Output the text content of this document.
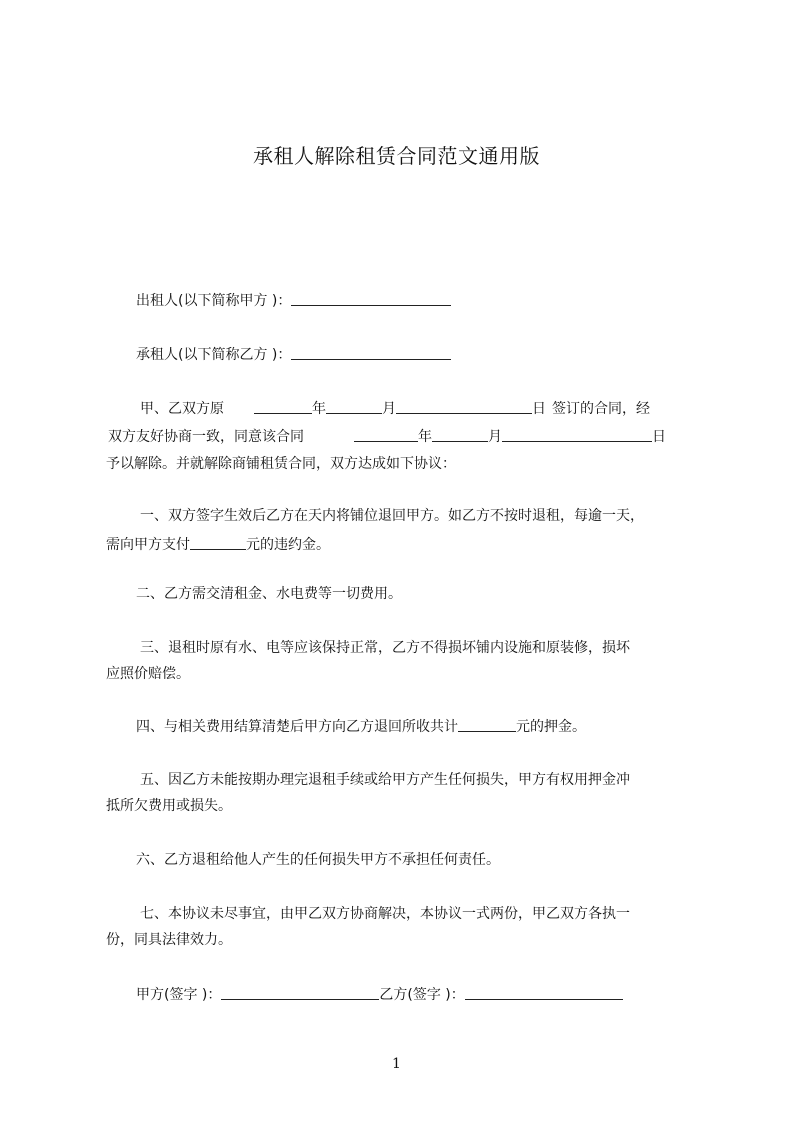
承租人解除租赁合同范文通用版
出租人(以下简称甲方 )：
承租人(以下简称乙方 )：
甲、乙双方原	年	月	日 签订的合同，经
双方友好协商一致，同意该合同	年	月	日
予以解除。并就解除商铺租赁合同，双方达成如下协议：
一、双方签字生效后乙方在天内将铺位退回甲方。如乙方不按时退租，每逾一天，
需向甲方支付	元的违约金。
二、乙方需交清租金、水电费等一切费用。
三、退租时原有水、电等应该保持正常，乙方不得损坏铺内设施和原装修，损坏
应照价赔偿。
四、与相关费用结算清楚后甲方向乙方退回所收共计	元的押金。
五、因乙方未能按期办理完退租手续或给甲方产生任何损失，甲方有权用押金冲
抵所欠费用或损失。
六、乙方退租给他人产生的任何损失甲方不承担任何责任。
七、本协议未尽事宜，由甲乙双方协商解决，本协议一式两份，甲乙双方各执一
份，同具法律效力。
甲方(签字 )：	乙方(签字 )：
1
